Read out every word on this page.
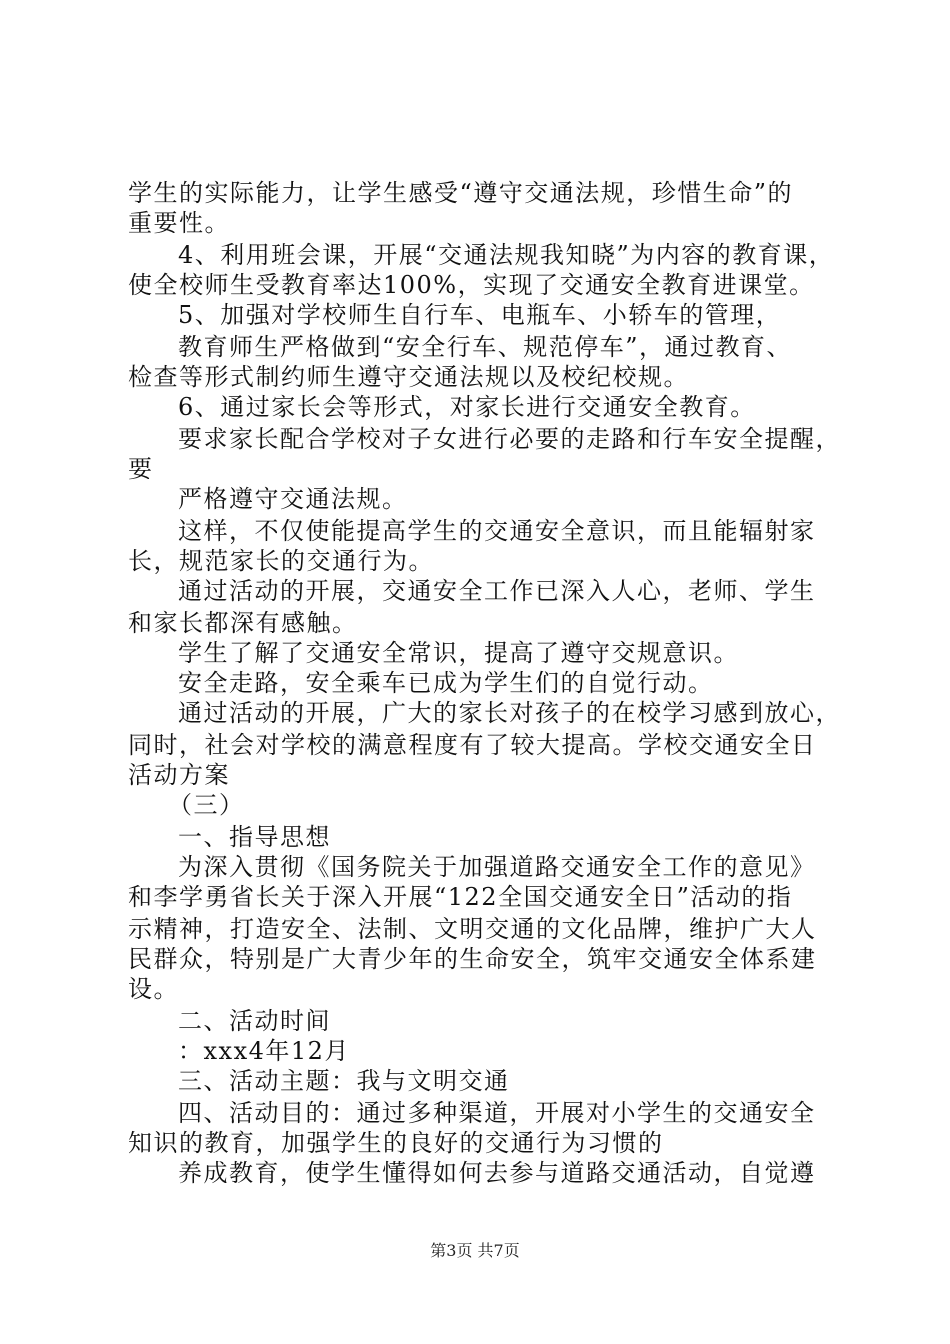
学生的实际能力，让学生感受“遵守交通法规，珍惜生命”的
重要性。
4、利用班会课，开展“交通法规我知晓”为内容的教育课，
使全校师生受教育率达100%，实现了交通安全教育进课堂。
5、加强对学校师生自行车、电瓶车、小轿车的管理，
教育师生严格做到“安全行车、规范停车”，通过教育、
检查等形式制约师生遵守交通法规以及校纪校规。
6、通过家长会等形式，对家长进行交通安全教育。
要求家长配合学校对子女进行必要的走路和行车安全提醒，
要
严格遵守交通法规。
这样，不仅使能提高学生的交通安全意识，而且能辐射家
长，规范家长的交通行为。
通过活动的开展，交通安全工作已深入人心，老师、学生
和家长都深有感触。
学生了解了交通安全常识，提高了遵守交规意识。
安全走路，安全乘车已成为学生们的自觉行动。
通过活动的开展，广大的家长对孩子的在校学习感到放心，
同时，社会对学校的满意程度有了较大提高。学校交通安全日
活动方案
（三）
一、指导思想
为深入贯彻《国务院关于加强道路交通安全工作的意见》
和李学勇省长关于深入开展“122全国交通安全日”活动的指
示精神，打造安全、法制、文明交通的文化品牌，维护广大人
民群众，特别是广大青少年的生命安全，筑牢交通安全体系建
设。
二、活动时间
：xxx4年12月
三、活动主题：我与文明交通
四、活动目的：通过多种渠道，开展对小学生的交通安全
知识的教育，加强学生的良好的交通行为习惯的
养成教育，使学生懂得如何去参与道路交通活动，自觉遵
第3页 共7页
